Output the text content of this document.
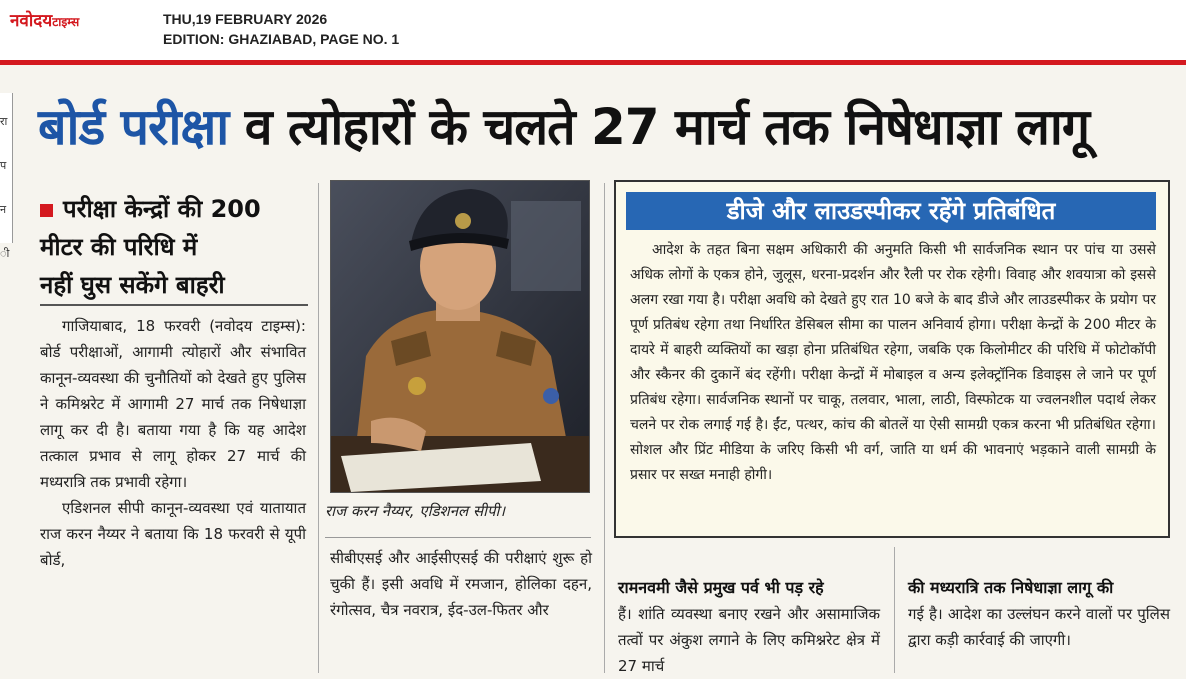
नवोदयटाइम्स	THU,19 FEBRUARY 2026
EDITION: GHAZIABAD, PAGE NO. 1
रा
प
न
ी
बोर्ड परीक्षा व त्योहारों के चलते 27 मार्च तक निषेधाज्ञा लागू
परीक्षा केन्द्रों की 200
मीटर की परिधि में
नहीं घुस सकेंगे बाहरी

गाजियाबाद, 18 फरवरी (नवोदय टाइम्स): बोर्ड परीक्षाओं, आगामी त्योहारों और संभावित कानून-व्यवस्था की चुनौतियों को देखते हुए पुलिस ने कमिश्नरेट में आगामी 27 मार्च तक निषेधाज्ञा लागू कर दी है। बताया गया है कि यह आदेश तत्काल प्रभाव से लागू होकर 27 मार्च की मध्यरात्रि तक प्रभावी रहेगा।

एडिशनल सीपी कानून-व्यवस्था एवं यातायात राज करन नैय्यर ने बताया कि 18 फरवरी से यूपी बोर्ड,

राज करन नैय्यर, एडिशनल सीपी।

सीबीएसई और आईसीएसई की परीक्षाएं शुरू हो चुकी हैं। इसी अवधि में रमजान, होलिका दहन, रंगोत्सव, चैत्र नवरात्र, ईद-उल-फितर और

डीजे और लाउडस्पीकर रहेंगे प्रतिबंधित
आदेश के तहत बिना सक्षम अधिकारी की अनुमति किसी भी सार्वजनिक स्थान पर पांच या उससे अधिक लोगों के एकत्र होने, जुलूस, धरना-प्रदर्शन और रैली पर रोक रहेगी। विवाह और शवयात्रा को इससे अलग रखा गया है। परीक्षा अवधि को देखते हुए रात 10 बजे के बाद डीजे और लाउडस्पीकर के प्रयोग पर पूर्ण प्रतिबंध रहेगा तथा निर्धारित डेसिबल सीमा का पालन अनिवार्य होगा। परीक्षा केन्द्रों के 200 मीटर के दायरे में बाहरी व्यक्तियों का खड़ा होना प्रतिबंधित रहेगा, जबकि एक किलोमीटर की परिधि में फोटोकॉपी और स्कैनर की दुकानें बंद रहेंगी। परीक्षा केन्द्रों में मोबाइल व अन्य इलेक्ट्रॉनिक डिवाइस ले जाने पर पूर्ण प्रतिबंध रहेगा। सार्वजनिक स्थानों पर चाकू, तलवार, भाला, लाठी, विस्फोटक या ज्वलनशील पदार्थ लेकर चलने पर रोक लगाई गई है। ईंट, पत्थर, कांच की बोतलें या ऐसी सामग्री एकत्र करना भी प्रतिबंधित रहेगा। सोशल और प्रिंट मीडिया के जरिए किसी भी वर्ग, जाति या धर्म की भावनाएं भड़काने वाली सामग्री के प्रसार पर सख्त मनाही होगी।
रामनवमी जैसे प्रमुख पर्व भी पड़ रहे

हैं। शांति व्यवस्था बनाए रखने और असामाजिक तत्वों पर अंकुश लगाने के लिए कमिश्नरेट क्षेत्र में 27 मार्च

की मध्यरात्रि तक निषेधाज्ञा लागू की

गई है। आदेश का उल्लंघन करने वालों पर पुलिस द्वारा कड़ी कार्रवाई की जाएगी।
